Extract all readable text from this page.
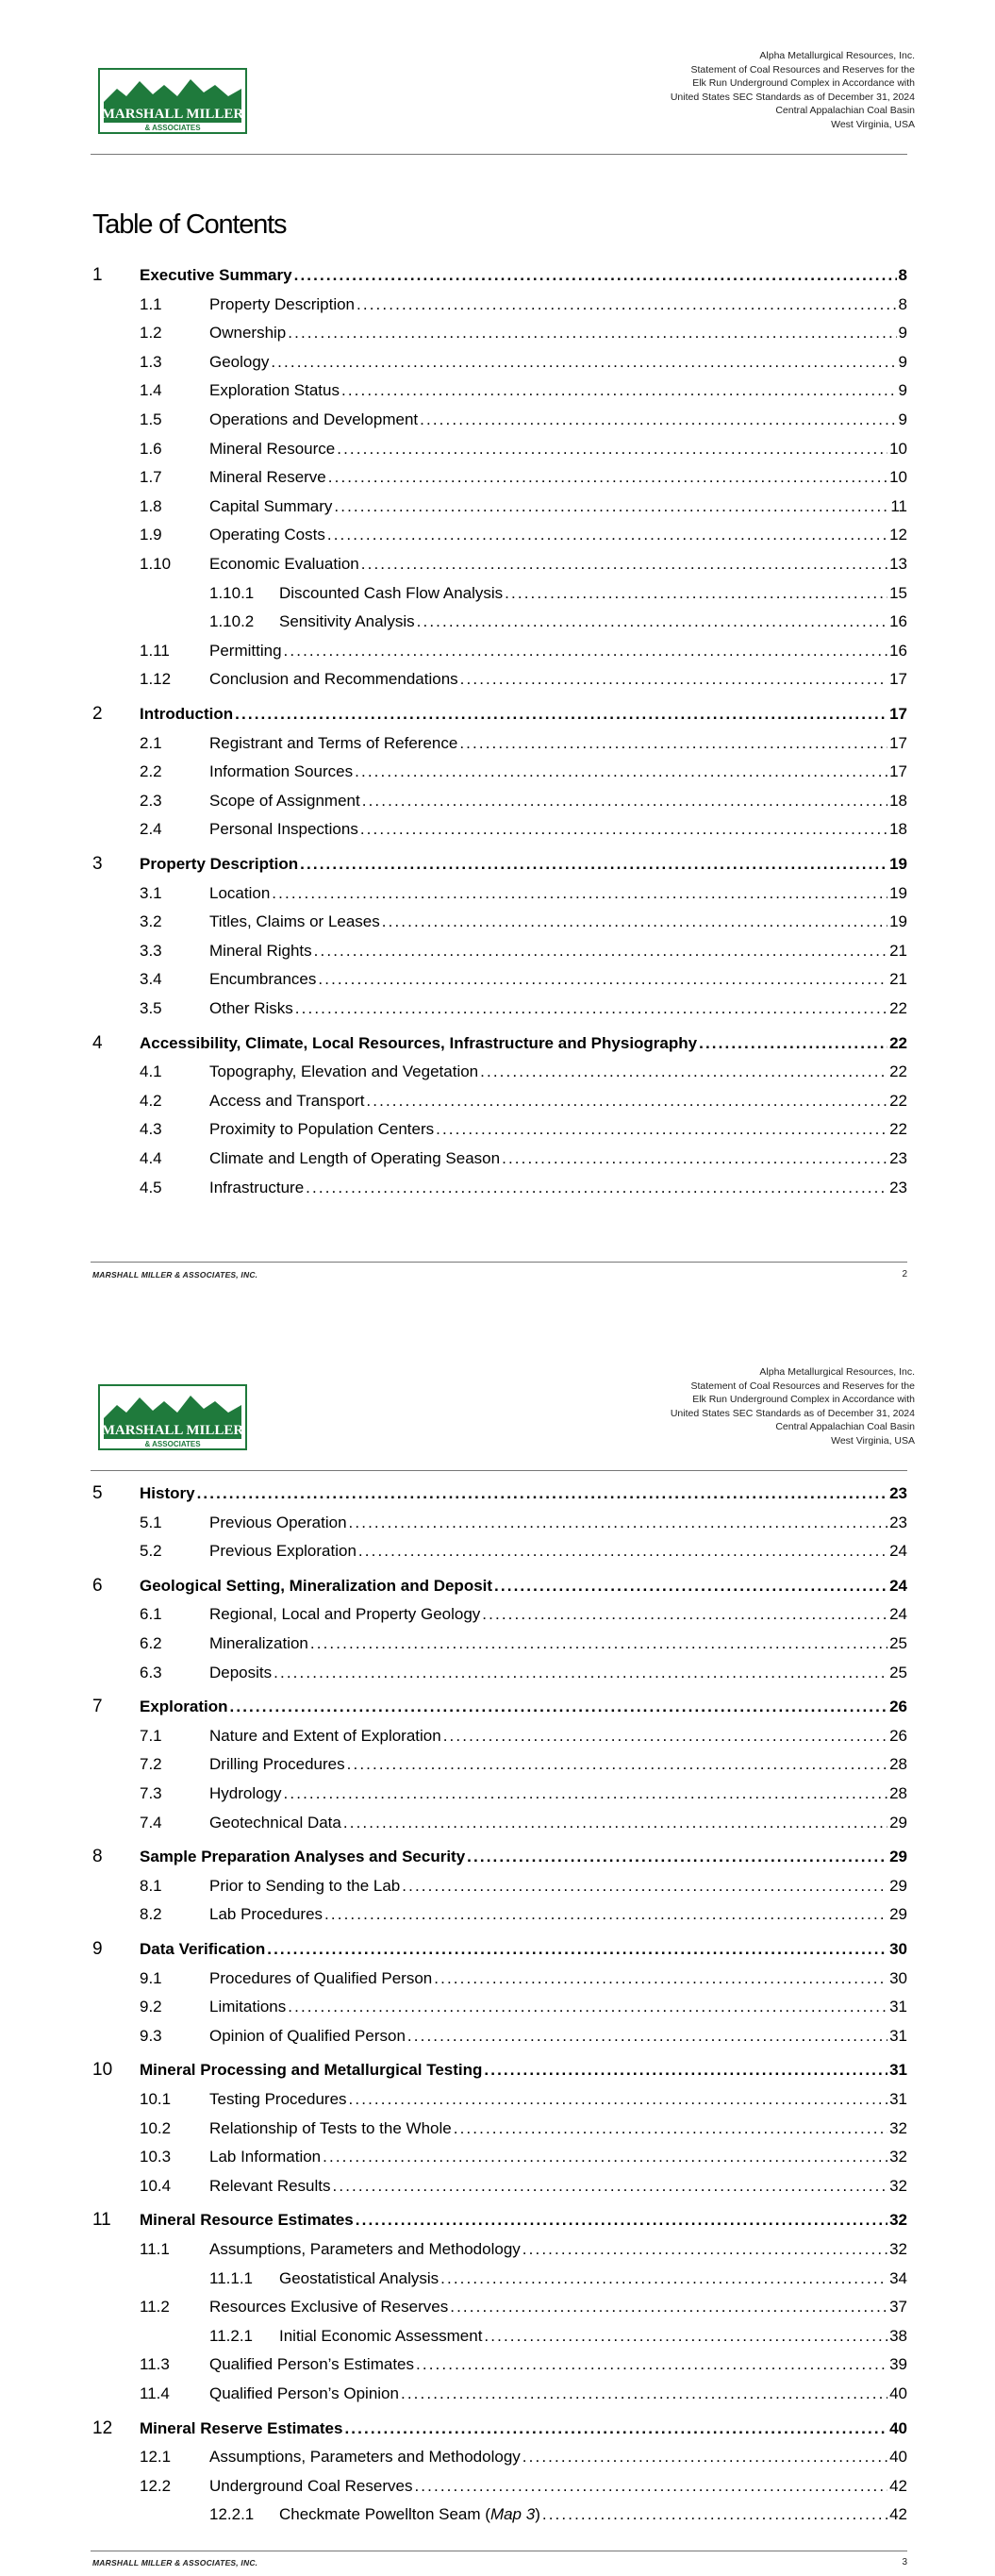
Alpha Metallurgical Resources, Inc.
Statement of Coal Resources and Reserves for the
Elk Run Underground Complex in Accordance with
United States SEC Standards as of December 31, 2024
Central Appalachian Coal Basin
West Virginia, USA
MARSHALL MILLER
& ASSOCIATES
Table of Contents
1 Executive Summary . . .	8
1.1	Property Description . . .	8
1.2	Ownership . . .	9
1.3	Geology . . .	9
1.4	Exploration Status . . .	9
1.5	Operations and Development . . .	9
1.6	Mineral Resource . . .	10
1.7	Mineral Reserve . . .	10
1.8	Capital Summary . . .	11
1.9	Operating Costs . . .	12
1.10 Economic Evaluation . . .	13
1.10.1 Discounted Cash Flow Analysis . . .	15
1.10.2 Sensitivity Analysis . . .	16
1.11 Permitting . . .	16
1.12 Conclusion and Recommendations . . .	17
2 Introduction . . .	17
2.1	Registrant and Terms of Reference . . .	17
2.2	Information Sources . . .	17
2.3	Scope of Assignment . . .	18
2.4	Personal Inspections . . .	18
3 Property Description . . .	19
3.1	Location . . .	19
3.2	Titles, Claims or Leases . . .	19
3.3	Mineral Rights . . .	21
3.4	Encumbrances . . .	21
3.5	Other Risks . . .	22
4 Accessibility, Climate, Local Resources, Infrastructure and Physiography . . .	22
4.1	Topography, Elevation and Vegetation . . .	22
4.2	Access and Transport . . .	22
4.3	Proximity to Population Centers . . .	22
4.4	Climate and Length of Operating Season . . .	23
4.5	Infrastructure . . .	23
MARSHALL MILLER & ASSOCIATES, INC.	2
Alpha Metallurgical Resources, Inc.
Statement of Coal Resources and Reserves for the
Elk Run Underground Complex in Accordance with
United States SEC Standards as of December 31, 2024
Central Appalachian Coal Basin
West Virginia, USA
MARSHALL MILLER
& ASSOCIATES
5 History . . .	23
5.1	Previous Operation . . .	23
5.2	Previous Exploration . . .	24
6 Geological Setting, Mineralization and Deposit . . .	24
6.1	Regional, Local and Property Geology . . .	24
6.2	Mineralization . . .	25
6.3	Deposits . . .	25
7 Exploration . . .	26
7.1	Nature and Extent of Exploration . . .	26
7.2	Drilling Procedures . . .	28
7.3	Hydrology . . .	28
7.4	Geotechnical Data . . .	29
8 Sample Preparation Analyses and Security . . .	29
8.1	Prior to Sending to the Lab . . .	29
8.2	Lab Procedures . . .	29
9 Data Verification . . .	30
9.1	Procedures of Qualified Person . . .	30
9.2	Limitations . . .	31
9.3	Opinion of Qualified Person . . .	31
10 Mineral Processing and Metallurgical Testing . . .	31
10.1 Testing Procedures . . .	31
10.2 Relationship of Tests to the Whole . . .	32
10.3 Lab Information . . .	32
10.4 Relevant Results . . .	32
11 Mineral Resource Estimates . . .	32
11.1 Assumptions, Parameters and Methodology . . .	32
11.1.1 Geostatistical Analysis . . .	34
11.2 Resources Exclusive of Reserves . . .	37
11.2.1 Initial Economic Assessment . . .	38
11.3 Qualified Person’s Estimates . . .	39
11.4 Qualified Person’s Opinion . . .	40
12 Mineral Reserve Estimates . . .	40
12.1 Assumptions, Parameters and Methodology . . .	40
12.2 Underground Coal Reserves . . .	42
12.2.1 Checkmate Powellton Seam (Map 3) . . .	42
MARSHALL MILLER & ASSOCIATES, INC.	3
